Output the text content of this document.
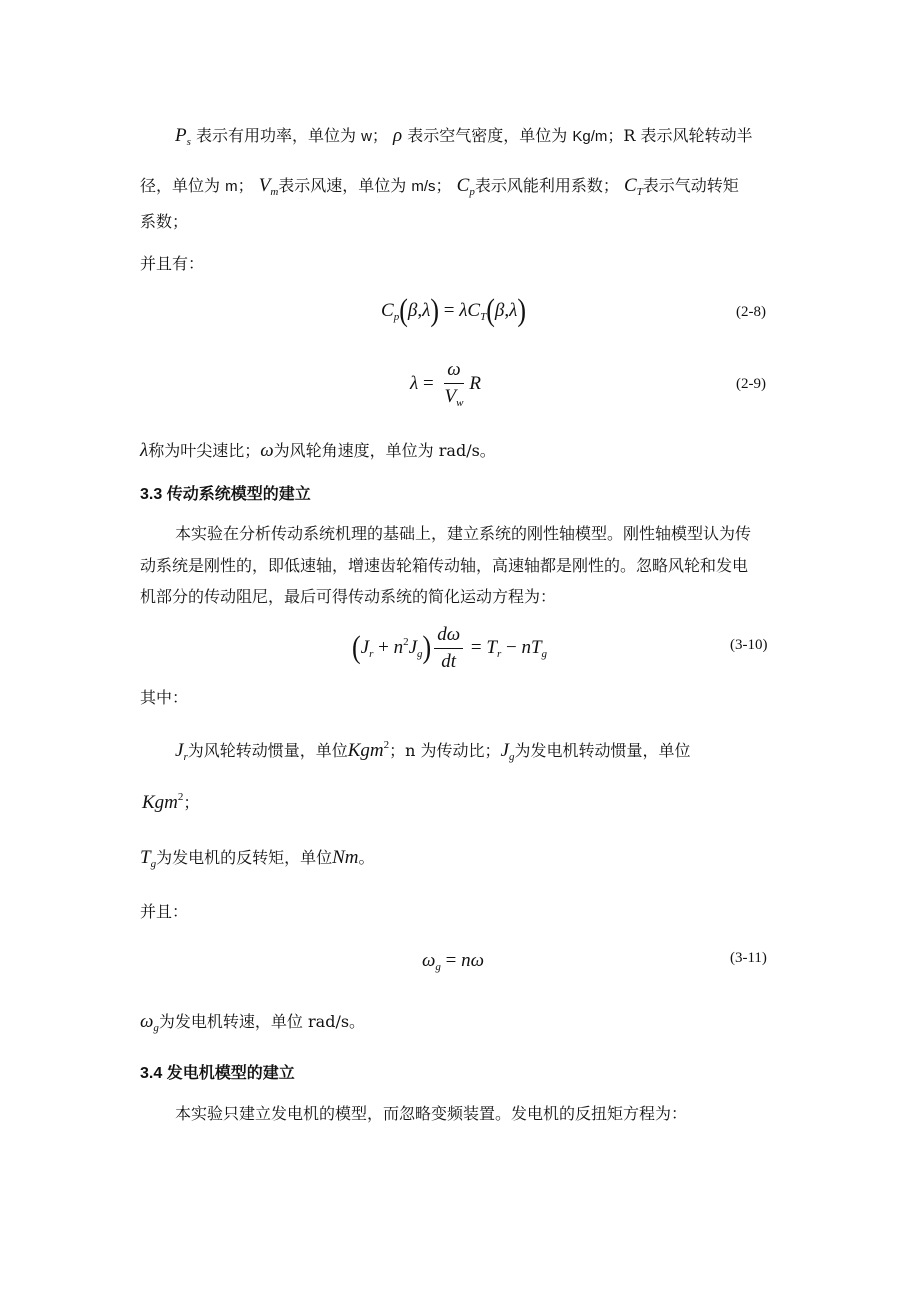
$P_s$ 表示有用功率，单位为 w； ρ 表示空气密度，单位为 Kg/m；R 表示风轮转动半
径，单位为 m； $V_m$表示风速，单位为 m/s； $C_p$表示风能利用系数； $C_T$表示气动转矩
系数；
并且有：
$C_p$ ( β , λ ) = $\lambda C_T$ ( β , λ )	(2-8)
$\lambda = \frac{\omega}{V_w}$ R	(2-9)
λ称为叶尖速比；ω为风轮角速度，单位为 rad/s。
3.3 传动系统模型的建立
本实验在分析传动系统机理的基础上，建立系统的刚性轴模型。刚性轴模型认为传
动系统是刚性的，即低速轴，增速齿轮箱传动轴，高速轴都是刚性的。忽略风轮和发电
机部分的传动阻尼，最后可得传动系统的简化运动方程为：
( $J_r + n^2J_g$ ) $\frac{d\omega}{dt} = T_r - nT_g$
(3-10)
其中：
$J_r$为风轮转动惯量，单位Kgm$^2$；n 为传动比；$J_g$为发电机转动惯量，单位
Kgm$^2$；
$T_g$为发电机的反转矩，单位Nm。
并且：
$\omega_g = n\omega$	(3-11)
$\omega_g$为发电机转速，单位 rad/s。
3.4 发电机模型的建立
本实验只建立发电机的模型，而忽略变频装置。发电机的反扭矩方程为：
